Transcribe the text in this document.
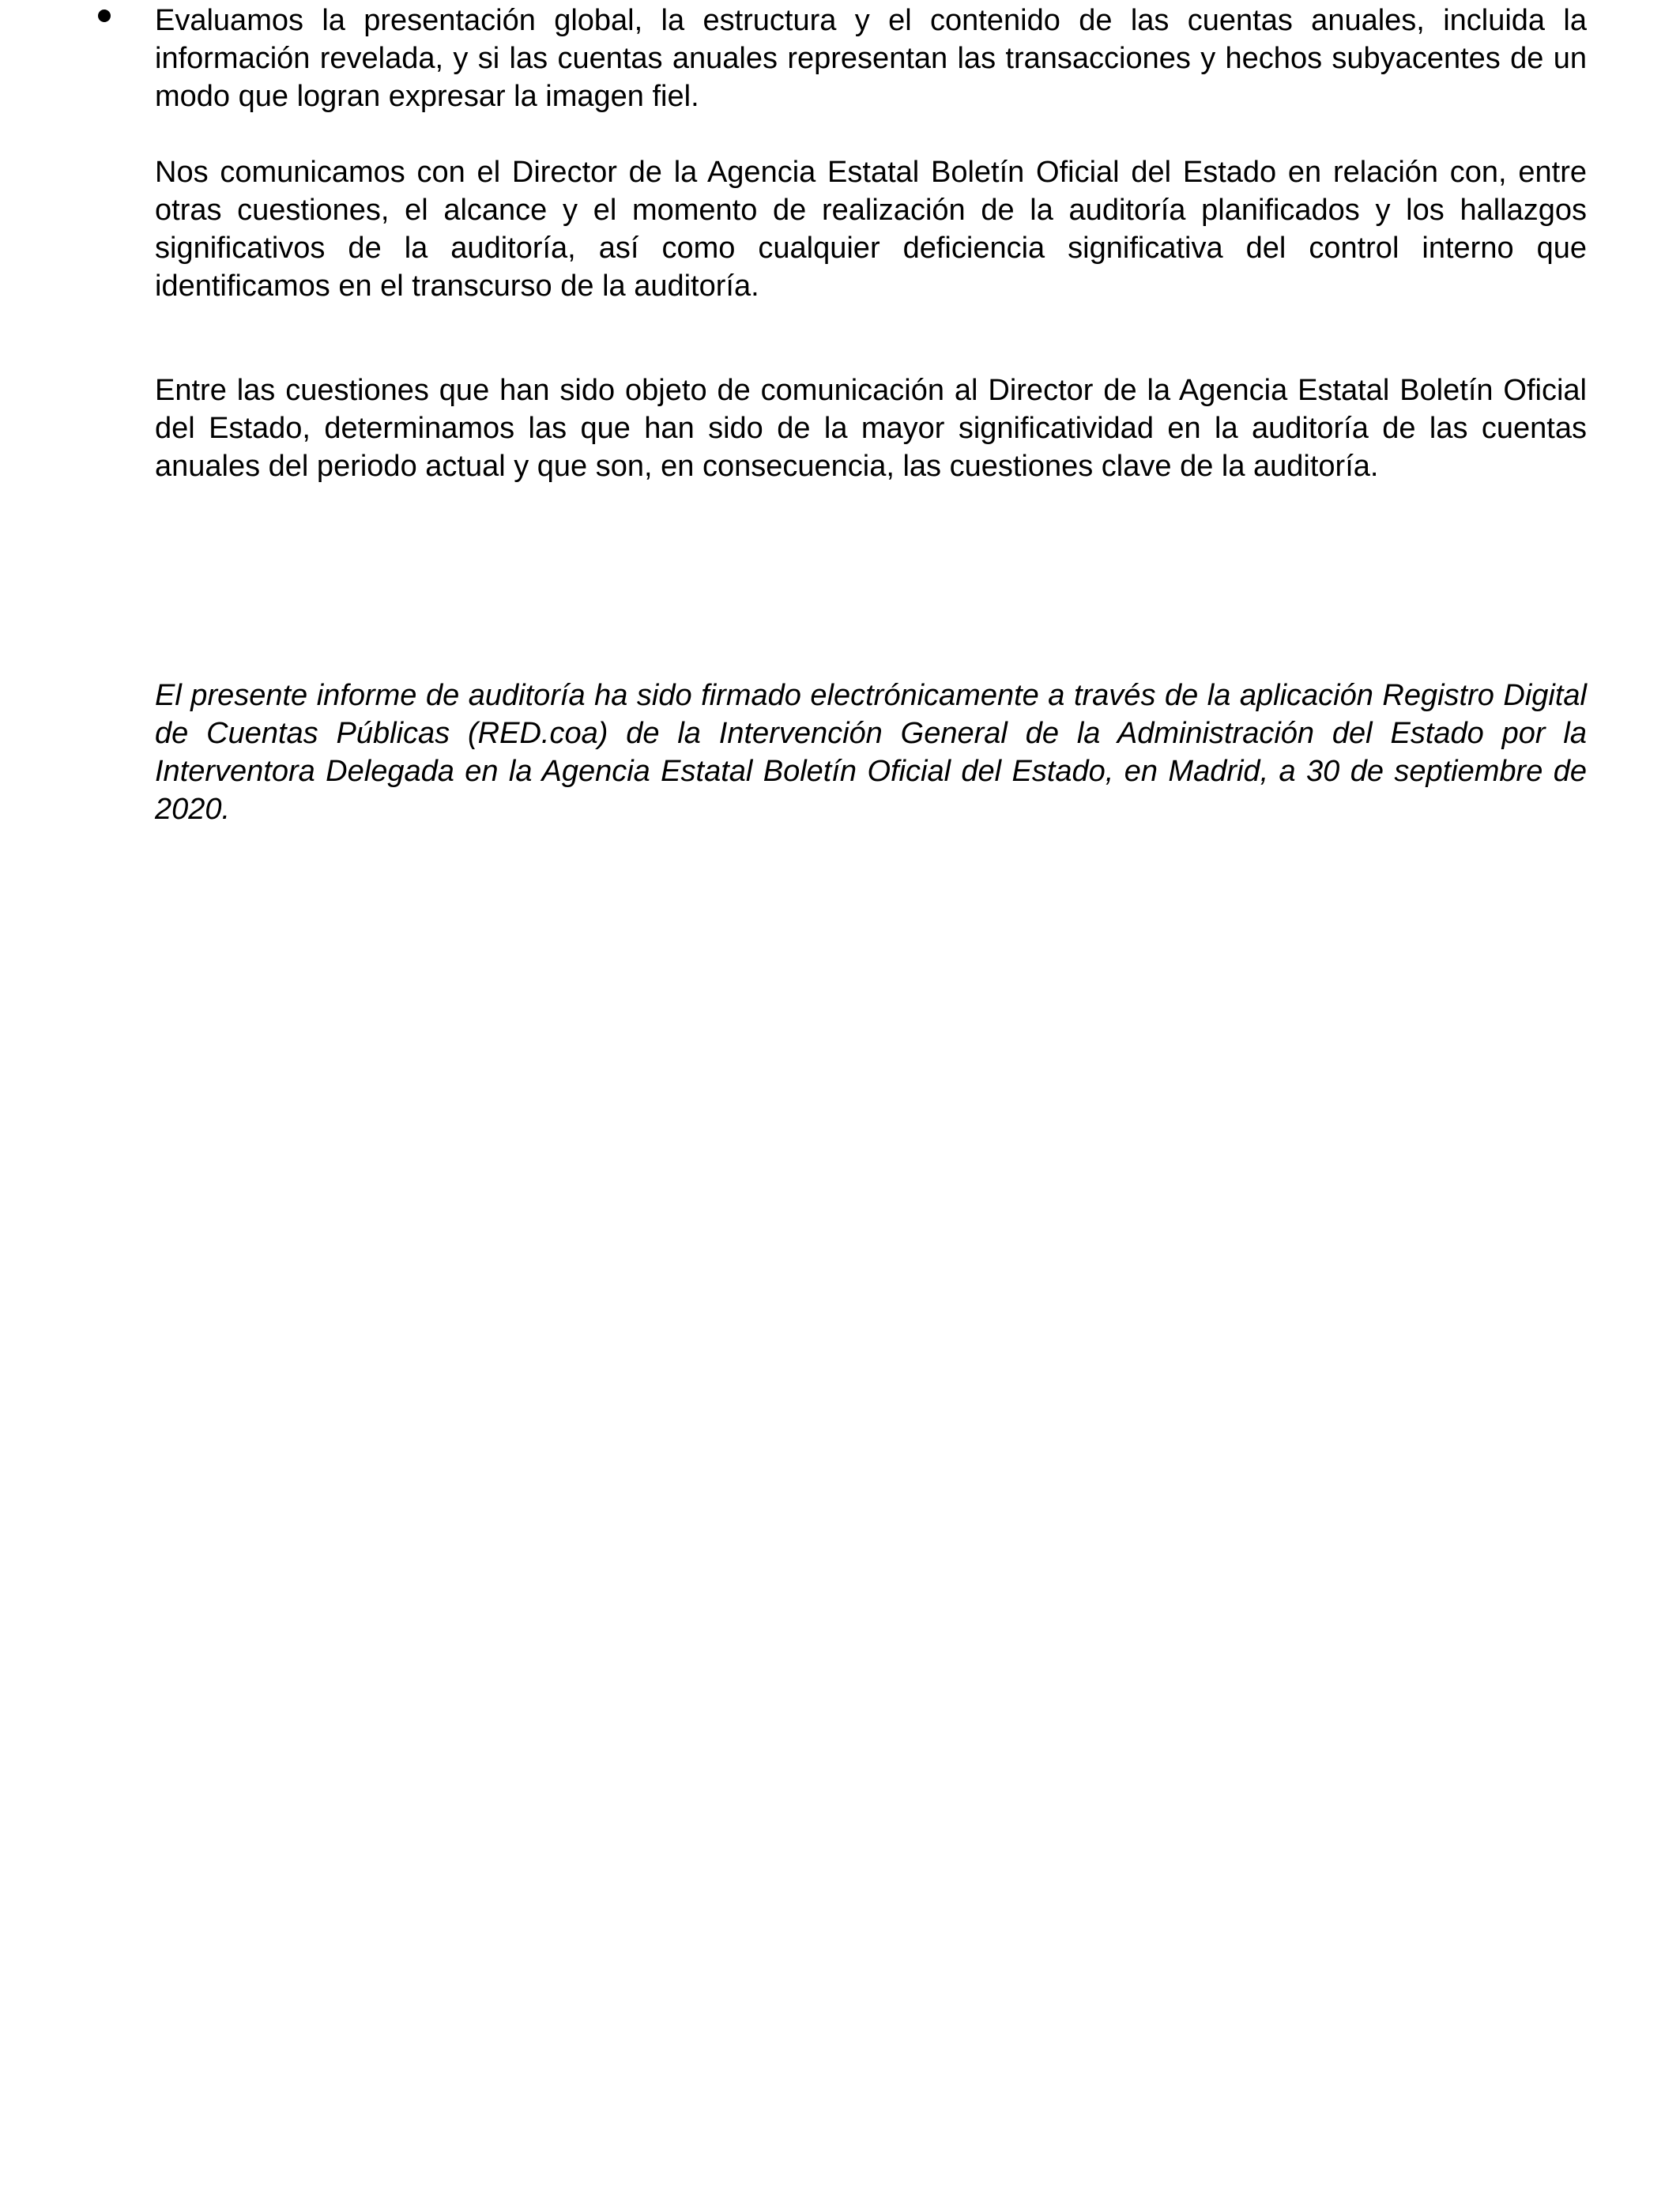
Evaluamos la presentación global, la estructura y el contenido de las cuentas anuales, incluida la información revelada, y si las cuentas anuales representan las transacciones y hechos subyacentes de un modo que logran expresar la imagen fiel.

Nos comunicamos con el Director de la Agencia Estatal Boletín Oficial del Estado en relación con, entre otras cuestiones, el alcance y el momento de realización de la auditoría planificados y los hallazgos significativos de la auditoría, así como cualquier deficiencia significativa del control interno que identificamos en el transcurso de la auditoría.

Entre las cuestiones que han sido objeto de comunicación al Director de la Agencia Estatal Boletín Oficial del Estado, determinamos las que han sido de la mayor significatividad en la auditoría de las cuentas anuales del periodo actual y que son, en consecuencia, las cuestiones clave de la auditoría.

El presente informe de auditoría ha sido firmado electrónicamente a través de la aplicación Registro Digital de Cuentas Públicas (RED.coa) de la Intervención General de la Administración del Estado por la Interventora Delegada en la Agencia Estatal Boletín Oficial del Estado, en Madrid, a 30 de septiembre de 2020.
